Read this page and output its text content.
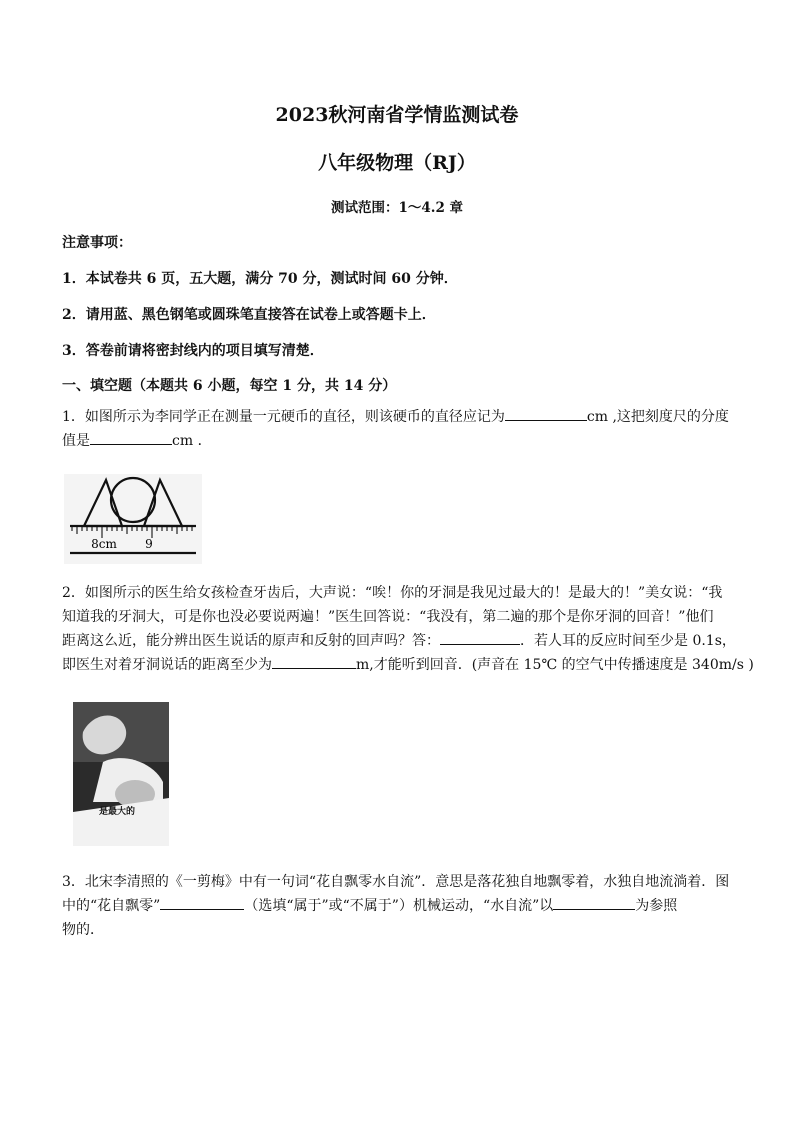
2023秋河南省学情监测试卷
八年级物理（RJ）
测试范围：1～4.2 章
注意事项：
1．本试卷共 6 页，五大题，满分 70 分，测试时间 60 分钟．
2．请用蓝、黑色钢笔或圆珠笔直接答在试卷上或答题卡上．
3．答卷前请将密封线内的项目填写清楚．
一、填空题（本题共 6 小题，每空 1 分，共 14 分）
1．如图所示为李同学正在测量一元硬币的直径，则该硬币的直径应记为	cm ,这把刻度尺的分度
值是	cm ．
8cm 9
2．如图所示的医生给女孩检查牙齿后，大声说：“唉！你的牙洞是我见过最大的！是最大的！”美女说：“我
知道我的牙洞大，可是你也没必要说两遍！”医生回答说：“我没有，第二遍的那个是你牙洞的回音！”他们
距离这么近，能分辨出医生说话的原声和反射的回声吗？答：	．若人耳的反应时间至少是 0.1s，
即医生对着牙洞说话的距离至少为	m,才能听到回音．(声音在 15℃ 的空气中传播速度是 340m/s )
是最大的
3．北宋李清照的《一剪梅》中有一句词“花自飘零水自流”．意思是落花独自地飘零着，水独自地流淌着．图
中的“花自飘零”	（选填“属于”或“不属于”）机械运动，“水自流”以	为参照
物的．
